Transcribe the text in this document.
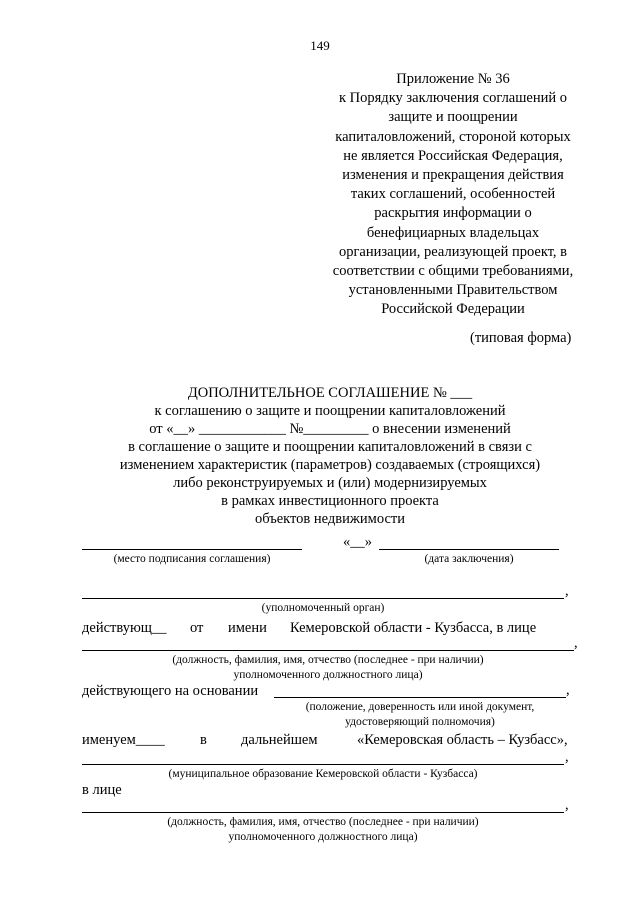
149
Приложение № 36
к Порядку заключения соглашений о
защите и поощрении
капиталовложений, стороной которых
не является Российская Федерация,
изменения и прекращения действия
таких соглашений, особенностей
раскрытия информации о
бенефициарных владельцах
организации, реализующей проект, в
соответствии с общими требованиями,
установленными Правительством
Российской Федерации
(типовая форма)
ДОПОЛНИТЕЛЬНОЕ СОГЛАШЕНИЕ № ___
к соглашению о защите и поощрении капиталовложений
от «__» ____________ №_________ о внесении изменений
в соглашение о защите и поощрении капиталовложений в связи с
изменением характеристик (параметров) создаваемых (строящихся)
либо реконструируемых и (или) модернизируемых
в рамках инвестиционного проекта
объектов недвижимости
(место подписания соглашения)
«__»
(дата заключения)
,
(уполномоченный орган)
действующ__ от имени Кемеровской области - Кузбасса, в лице
,
(должность, фамилия, имя, отчество (последнее - при наличии)
уполномоченного должностного лица)
действующего на основании	,
(положение, доверенность или иной документ,
удостоверяющий полномочия)
именуем____ в дальнейшем	«Кемеровская область – Кузбасс»,
,
(муниципальное образование Кемеровской области - Кузбасса)
в лице
,
(должность, фамилия, имя, отчество (последнее - при наличии)
уполномоченного должностного лица)
